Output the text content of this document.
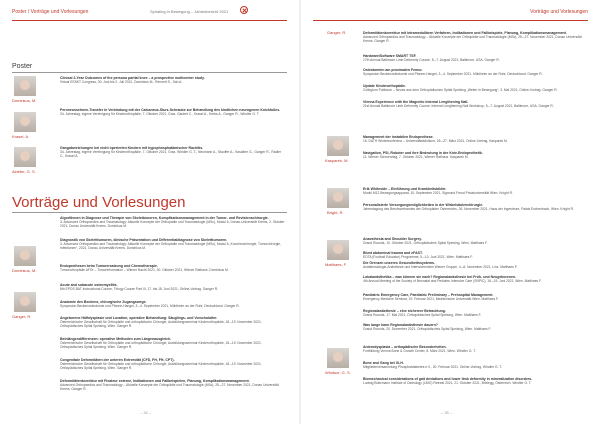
Poster / Vorträge und Vorlesungen	Spiraling in Bewegung – Jahresbericht 2021
Poster
Dominkus, M.
Krasel, A.
Aldefer, G. S.
Clinical 2-Year Outcomes of the persona partial knee – a prospective multicenter study.
Virtual ESSKT Congress, 30. Juni bis 2. Juli 2021. Dominkus M., Rennett S., Sah A.
Peroneussehnen-Transfer in Verbindung mit der Calcaneus-Sturz-Schraube zur Behandlung des kindlichen neurogenen Knickfußes.
34. Jahrestag, eigene Vereinigung für Kinderorthopädie, 7. Oktober 2021, Graz. Gaubet C., Krasel A., Krebs A., Ganger R., Windler G. T.
Gangabweichungen bei nicht operierten Kindern mit hypophosphatämischer Rachitis.
34. Jahrestag, eigene Vereinigung für Kinderorthopädie, 7. Oktober 2021, Graz. Windler G. T., Neumann A., Stauffer A., Kasalber G., Ganger R., Radler C., Krasel A.
Vorträge und Vorlesungen
Dominkus, M.
Ganger, R.
Algorithmen in Diagnose und Therapie von Skelettumoren, Komplikationsmanagement in der Tumor- und Revisionschirurgie.
3. Advanced Orthopaedics and Traumatology: Aktuelle Konzepte der Orthopädie und Traumatologie (MSc), Modul 6, Donau-Universität Krems, 2. Oktober 2021, Donau Universität Krems. Dominkus M.
Diagnostik von Skeletttumoren, klinische Präsentation und Differentialdiagnose von Skeletttumoren.
3. Advanced Orthopaedics and Traumatology: Aktuelle Konzepte der Orthopädie und Traumatologie (MSc), Modul 6 „Knochenchirurgie, Tumorchirurgie, Infektionen“, 2021, Donau Universität Krems. Dominkus M.
Endoprothesen beim Tumorersatzung und Chemotherapie.
Tumororthopädie AFOr – Tumorinformation – Wiener Nacht 2021, 30. Oktober 2021, Wiener Rathaus. Dominkus M.
Acute and subacute osteomyelitis.
8th EPOS BAT Instructional Course, Trilogy Course Part III, 17. bis 18. Juni 2021, Online-Vortrag. Ganger R.
Anatomie des Beckens, chirurgische Zugangswege.
Symposion Beckenosteotomie und Pfanne-Hangel, 3.–4. September 2021, Mühlheim an der Ruhr, Deutschland. Ganger R.
Angeborene Hüftdysplasie und Luxation, operative Behandlung: Säuglings- und Vorschulalter.
Österreichische Gesellschaft für Orthopädie und orthopädische Chirurgie, Ausbildungsseminar Kinderorthopädie, 18.–19. November 2021, Orthopädisches Spital Speising, Wien. Ganger R.
Beinlängendifferenzen: operative Methoden zum Längenausgleich.
Österreichische Gesellschaft für Orthopädie und orthopädische Chirurgie, Ausbildungsseminar Kinderorthopädie, 18.–19. November 2021, Orthopädisches Spital Speising, Wien. Ganger R.
Congenitale Deformitäten der unteren Extremität (CFD, FH, FH, CPT).
Österreichische Gesellschaft für Orthopädie und orthopädische Chirurgie, Ausbildungsseminar Kinderorthopädie, 18.–19. November 2021, Orthopädisches Spital Speising, Wien. Ganger R.
Deformitätenkorrektur mit Fixateur externe, Indikationen und Fallbeispielen, Planung, Komplikationsmanagement.
Advanced Orthopaedics and Traumatology – Aktuelle Konzepte der Orthopädie und Traumatologie (MSc), 25.–27. November 2021, Donau Universität Krems. Ganger R.
– 34 –
Vorträge und Vorlesungen
Ganger, R.
Kasparek, M.
Bright, R.
Matthaes, F.
Windsor, G. S.
Deformitätenkorrektur mit intramedullären Verfahren, Indikationen und Fallbeispiele, Planung, Komplikationsmanagement.
Advanced Orthopaedics and Traumatology – Aktuelle Konzepte der Orthopädie und Traumatologie (MSc), 25.–27. November 2021, Donau Universität Krems. Ganger R.
Hardware/Software SMART TSF.
17th Annual Baltimore Limb Deformity Course, 5.–7. August 2021, Baltimore, USA. Ganger R.
Osteotomien am proximalen Femur.
Symposion Beckenosteotomie und Pfanne-Hangel, 3.–4. September 2021, Mühlheim an der Ruhr, Deutschland. Ganger R.
Update Kinderorthopädie.
Collegium Publicum – Neues aus dem Orthopädischen Spital Speising „Weiter in Bewegung“, 3. Mai 2021, Online-Vortrag. Ganger R.
Vienna Experience with the Magnetic Internal Lengthening Nail.
21st Annual Baltimore Limb Deformity Course: Internal Lengthening Nail Workshop, 5.–7. August 2021, Baltimore, USA. Ganger R.
Management der instabilen Endoprothese.
16. DATH Winterkonferenz – Universitätsklinikum, 26.–27. März 2021, Online-Vortrag. Kasparek M.
Navigation, PSI, Roboter und ihre Bedeutung in der Knie-Endoprothetik.
11. Wiener Schmerztag, 7. Oktober 2021, Wiener Rathaus. Kasparek M.
Erik Whiteside – Einführung und Krankheitsbilder.
Modul M12 Bewegungsapparat, 10. September 2021, Sigmund Freud Privatuniversität Wien. Knight R.
Personalisierte Versorgungsmöglichkeiten in der Wirbelsäulenchirurgie.
Jahrestagung des Berufsverbandes der Orthopäden Österreichs, 26. November 2021, Haus der Ingenieure, Palais Eschenbach, Wien. Knight R.
Anaesthesia and Shoulder Surgery.
Grand Rounds, 10. Oktober 2021, Orthopädisches Spital Speising, Wien. Matthaes F.
Blunt abdominal trauma and eFAST.
EDTA (Football Educator) Programme, 5.–10. Juni 2021, Wien. Matthaes F.
Die Grenzen unseres Gesundheitssystems.
Anästhesiologie-Anästhesie und Intensivmedizin Wiener Gruppe, 4.–6. November 2021, Linz. Matthaes F.
Lokalanästhetika – was können sie nach? Regionalanästhesie bei Früh- und Neugeborenen.
4th Annual Meeting of the Society of Neonatal and Pediatric Intensive Care (SNPIC), 16.–19. Juni 2021, Wien. Matthaes F.
Paediatric Emergency Care, Paediatric Preliminary – Prehospital Management.
Emergency Medicine Seminar, 19. Februar 2021, Medizinische Universität Wien. Matthaes F.
Regionalanästhesie – eine sicherere Betrachtung.
Grand Rounds, 17. Mai 2021, Orthopädisches Spital Speising, Wien. Matthaes F.
Was lange kann Regionalanästhesie dauern?
Grand Rounds, 20. Dezember 2021, Orthopädisches Spital Speising, Wien. Matthaes F.
Anterodysplasia – orthopädische Besonderheiten.
Fortbildung Vienna Bone & Growth Center, 8. März 2021, Wien. Windler G. T.
Bone and Gang bei XLH.
Mitgliederversammlung Phosphatdiabetes e.V., 20. Februar 2021, Online-Vortrag. Windler G. T.
Biomechanical considerations of gait deviations and lower limb deformity in mineralization disorders.
Ludwig Boltzmann Institute of Osteology (LBIO) Retreat 2021, 21. Oktober 2021, Brixlegg, Österreich. Windler G. T.
– 35 –
